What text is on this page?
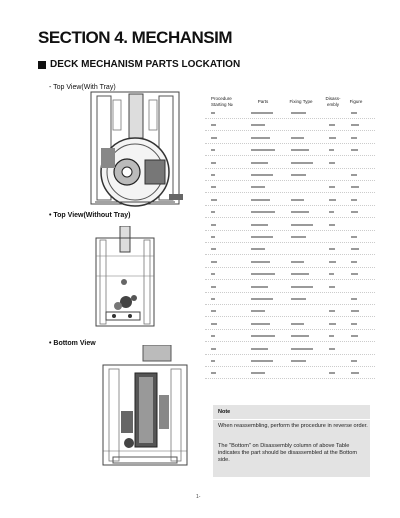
SECTION 4. MECHANSIM
DECK MECHANISM PARTS LOCKATION
- Top View(With Tray)
• Top View(Without Tray)
• Bottom View
Procedure
Starting №
Parts	Fixing Type
Disass-
embly
Figure
Note
When reassembling, perform the procedure in reverse order.
The "Bottom" on Disassembly column of above Table indicates the part should be disassembled at the Bottom side.
1-
